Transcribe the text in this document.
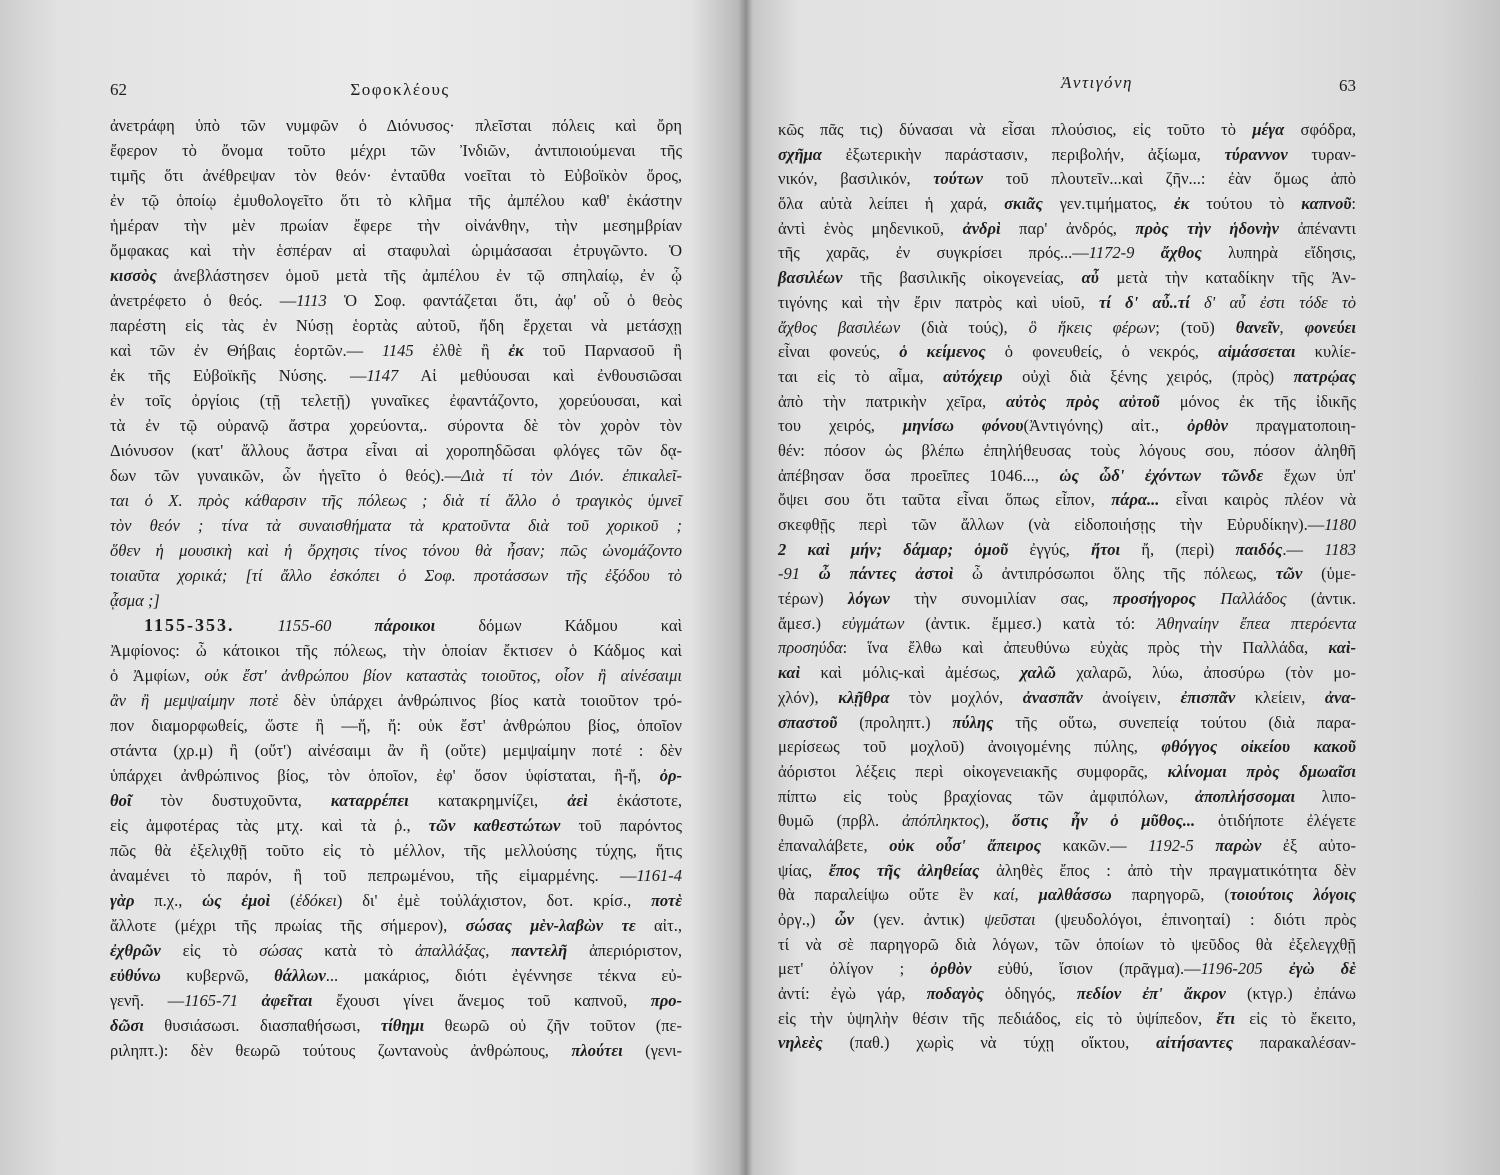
62	Σοφοκλέους
ἀνετράφη ὑπὸ τῶν νυμφῶν ὁ Διόνυσος· πλεῖσται πόλεις καὶ ὄρη
ἔφερον τὸ ὄνομα τοῦτο μέχρι τῶν Ἰνδιῶν, ἀντιποιούμεναι τῆς
τιμῆς ὅτι ἀνέθρεψαν τὸν θεόν· ἐνταῦθα νοεῖται τὸ Εὐβοϊκὸν ὄρος,
ἐν τῷ ὁποίῳ ἐμυθολογεῖτο ὅτι τὸ κλῆμα τῆς ἀμπέλου καθ' ἑκάστην
ἡμέραν τὴν μὲν πρωίαν ἔφερε τὴν οἰνάνθην, τὴν μεσημβρίαν
ὄμφακας καὶ τὴν ἑσπέραν αἱ σταφυλαὶ ὡριμάσασαι ἐτρυγῶντο. Ὁ
κισσὸς ἀνεβλάστησεν ὁμοῦ μετὰ τῆς ἀμπέλου ἐν τῷ σπηλαίῳ, ἐν ᾧ
ἀνετρέφετο ὁ θεός. —1113 Ὁ Σοφ. φαντάζεται ὅτι, ἀφ' οὗ ὁ θεὸς
παρέστη εἰς τὰς ἐν Νύσῃ ἑορτὰς αὐτοῦ, ἤδη ἔρχεται νὰ μετάσχῃ
καὶ τῶν ἐν Θήβαις ἑορτῶν.— 1145 ἐλθὲ ἢ ἐκ τοῦ Παρνασοῦ ἢ
ἐκ τῆς Εὐβοϊκῆς Νύσης. —1147 Αἱ μεθύουσαι καὶ ἐνθουσιῶσαι
ἐν τοῖς ὀργίοις (τῇ τελετῇ) γυναῖκες ἐφαντάζοντο, χορεύουσαι, καὶ
τὰ ἐν τῷ οὐρανῷ ἄστρα χορεύοντα,. σύροντα δὲ τὸν χορὸν τὸν
Διόνυσον (κατ' ἄλλους ἄστρα εἶναι αἱ χοροπηδῶσαι φλόγες τῶν δᾳ-
δων τῶν γυναικῶν, ὧν ἡγεῖτο ὁ θεός).—Διὰ τί τὸν Διόν. ἐπικαλεῖ-
ται ὁ Χ. πρὸς κάθαρσιν τῆς πόλεως ; διὰ τί ἄλλο ὁ τραγικὸς ὑμνεῖ
τὸν θεόν ; τίνα τὰ συναισθήματα τὰ κρατοῦντα διὰ τοῦ χορικοῦ ;
ὅθεν ἡ μουσικὴ καὶ ἡ ὄρχησις τίνος τόνου θὰ ἦσαν; πῶς ὠνομάζοντο
τοιαῦτα χορικά; [τί ἄλλο ἐσκόπει ὁ Σοφ. προτάσσων τῆς ἐξόδου τὸ
ᾆσμα ;]
1155-353.	1155-60	πάροικοι δόμων Κάδμου καὶ
Ἀμφίονος: ὦ κάτοικοι τῆς πόλεως, τὴν ὁποίαν ἔκτισεν ὁ Κάδμος καὶ
ὁ Ἀμφίων, οὐκ ἔστ' ἀνθρώπου βίον καταστὰς τοιοῦτος, οἷον ἢ αἰνέσαιμι
ἂν ἢ μεμψαίμην ποτὲ δὲν ὑπάρχει ἀνθρώπινος βίος κατὰ τοιοῦτον τρό-
πον διαμορφωθείς, ὥστε ἢ —ἤ, ἤ: οὐκ ἔστ' ἀνθρώπου βίος, ὁποῖον
στάντα (χρ.μ) ἢ (οὔτ') αἰνέσαιμι ἂν ἢ (οὔτε) μεμψαίμην ποτέ : δὲν
ὑπάρχει ἀνθρώπινος βίος, τὸν ὁποῖον, ἐφ' ὅσον ὑφίσταται, ἢ-ἤ, ὀρ-
θοῖ τὸν δυστυχοῦντα, καταρρέπει κατακρημνίζει, ἀεὶ ἑκάστοτε,
εἰς ἀμφοτέρας τὰς μτχ. καὶ τὰ ῥ., τῶν καθεστώτων τοῦ παρόντος
πῶς θὰ ἐξελιχθῇ τοῦτο εἰς τὸ μέλλον, τῆς μελλούσης τύχης, ἥτις
ἀναμένει τὸ παρόν, ἢ τοῦ πεπρωμένου, τῆς εἱμαρμένης. —1161-4
γὰρ π.χ., ὡς ἐμοὶ (ἐδόκει) δι' ἐμὲ τοὐλάχιστον, δοτ. κρίσ., ποτὲ
ἄλλοτε (μέχρι τῆς πρωίας τῆς σήμερον), σώσας μὲν-λαβὼν τε αἰτ.,
ἐχθρῶν εἰς τὸ σώσας κατὰ τὸ ἀπαλλάξας, παντελῆ ἀπεριόριστον,
εὐθύνω κυβερνῶ, θάλλων... μακάριος, διότι ἐγέννησε τέκνα εὐ-
γενῆ. —1165-71 ἀφεῖται ἔχουσι γίνει ἄνεμος τοῦ καπνοῦ, προ-
δῶσι θυσιάσωσι. διασπαθήσωσι, τίθημι θεωρῶ οὐ ζῆν τοῦτον (πε-
ριληπτ.): δὲν θεωρῶ τούτους ζωντανοὺς ἀνθρώπους, πλούτει (γενι-
Ἀντιγόνη	63
κῶς πᾶς τις) δύνασαι νὰ εἶσαι πλούσιος, εἰς τοῦτο τὸ μέγα σφόδρα,
σχῆμα ἐξωτερικὴν παράστασιν, περιβολήν, ἀξίωμα, τύραννον τυραν-
νικόν, βασιλικόν, τούτων τοῦ πλουτεῖν...καὶ ζῆν...: ἐὰν ὅμως ἀπὸ
ὅλα αὐτὰ λείπει ἡ χαρά, σκιᾶς γεν.τιμήματος, ἐκ τούτου τὸ καπνοῦ:
ἀντὶ ἑνὸς μηδενικοῦ, ἀνδρὶ παρ' ἀνδρός, πρὸς τὴν ἡδονὴν ἀπέναντι
τῆς χαρᾶς, ἐν συγκρίσει πρός...—1172-9 ἄχθος λυπηρὰ εἴδησις,
βασιλέων τῆς βασιλικῆς οἰκογενείας, αὖ μετὰ τὴν καταδίκην τῆς Ἀν-
τιγόνης καὶ τὴν ἔριν πατρὸς καὶ υἱοῦ, τί δ' αὖ..τί δ' αὖ ἐστι τόδε τὸ
ἄχθος βασιλέων (διὰ τούς), ὃ ἥκεις φέρων; (τοῦ) θανεῖν, φονεύει
εἶναι φονεύς, ὁ κείμενος ὁ φονευθείς, ὁ νεκρός, αἱμάσσεται κυλίε-
ται εἰς τὸ αἷμα, αὐτόχειρ οὐχὶ διὰ ξένης χειρός, (πρὸς) πατρῴας
ἀπὸ τὴν πατρικὴν χεῖρα, αὐτὸς πρὸς αὐτοῦ μόνος ἐκ τῆς ἰδικῆς
του χειρός, μηνίσω φόνου(Ἀντιγόνης) αἰτ., ὀρθὸν πραγματοποιη-
θέν: πόσον ὡς βλέπω ἐπηλήθευσας τοὺς λόγους σου, πόσον ἀληθῆ
ἀπέβησαν ὅσα προεῖπες 1046..., ὡς ὧδ' ἐχόντων τῶνδε ἔχων ὑπ'
ὄψει σου ὅτι ταῦτα εἶναι ὅπως εἶπον, πάρα... εἶναι καιρὸς πλέον νὰ
σκεφθῇς περὶ τῶν ἄλλων (νὰ εἰδοποιήσῃς τὴν Εὐρυδίκην).—1180
2 καὶ μήν; δάμαρ; ὁμοῦ ἐγγύς, ἤτοι ἤ, (περὶ) παιδός.— 1183
-91 ὦ πάντες ἀστοὶ ὦ ἀντιπρόσωποι ὅλης τῆς πόλεως, τῶν (ὑμε-
τέρων) λόγων τὴν συνομιλίαν σας, προσήγορος Παλλάδος (ἀντικ.
ἄμεσ.) εὐγμάτων (ἀντικ. ἔμμεσ.) κατὰ τό: Ἀθηναίην ἔπεα πτερόεντα
προσηύδα: ἵνα ἔλθω καὶ ἀπευθύνω εὐχὰς πρὸς τὴν Παλλάδα, καὶ-
καὶ καὶ μόλις-καὶ ἀμέσως, χαλῶ χαλαρῶ, λύω, ἀποσύρω (τὸν μο-
χλόν), κλῇθρα τὸν μοχλόν, ἀνασπᾶν ἀνοίγειν, ἐπισπᾶν κλείειν, ἀνα-
σπαστοῦ (προληπτ.) πύλης τῆς οὕτω, συνεπείᾳ τούτου (διὰ παρα-
μερίσεως τοῦ μοχλοῦ) ἀνοιγομένης πύλης, φθόγγος οἰκείου κακοῦ
ἀόριστοι λέξεις περὶ οἰκογενειακῆς συμφορᾶς, κλίνομαι πρὸς δμωαῖσι
πίπτω εἰς τοὺς βραχίονας τῶν ἀμφιπόλων, ἀποπλήσσομαι λιπο-
θυμῶ (πρβλ. ἀπόπληκτος), ὅστις ἦν ὁ μῦθος... ὁτιδήποτε ἐλέγετε
ἐπαναλάβετε, οὐκ οὖσ' ἄπειρος κακῶν.— 1192-5 παρὼν ἐξ αὐτο-
ψίας, ἔπος τῆς ἀληθείας ἀληθὲς ἔπος : ἀπὸ τὴν πραγματικότητα δὲν
θὰ παραλείψω οὔτε ἓν καί, μαλθάσσω παρηγορῶ, (τοιούτοις λόγοις
ὀργ.,) ὧν (γεν. ἀντικ) ψεῦσται (ψευδολόγοι, ἐπινοηταί) : διότι πρὸς
τί νὰ σὲ παρηγορῶ διὰ λόγων, τῶν ὁποίων τὸ ψεῦδος θὰ ἐξελεγχθῇ
μετ' ὀλίγον ; ὀρθὸν εὐθύ, ἴσιον (πρᾶγμα).—1196-205 ἐγὼ δὲ
ἀντί: ἐγὼ γάρ, ποδαγὸς ὁδηγός, πεδίον ἐπ' ἄκρον (κτγρ.) ἐπάνω
εἰς τὴν ὑψηλὴν θέσιν τῆς πεδιάδος, εἰς τὸ ὑψίπεδον, ἔτι εἰς τὸ ἔκειτο,
νηλεὲς (παθ.) χωρὶς νὰ τύχῃ οἴκτου, αἰτήσαντες παρακαλέσαν-
